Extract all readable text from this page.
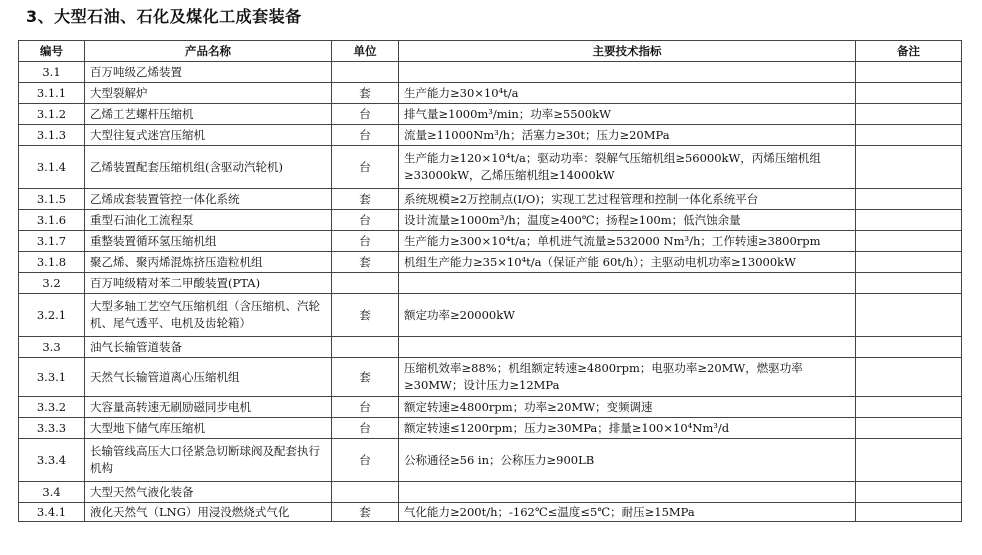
3、大型石油、石化及煤化工成套装备
编号	产品名称	单位	主要技术指标	备注
3.1	百万吨级乙烯装置			
3.1.1	大型裂解炉	套	生产能力≥30×10⁴t/a	
3.1.2	乙烯工艺螺杆压缩机	台	排气量≥1000m³/min；功率≥5500kW	
3.1.3	大型往复式迷宫压缩机	台	流量≥11000Nm³/h；活塞力≥30t；压力≥20MPa	
3.1.4	乙烯装置配套压缩机组(含驱动汽轮机)	台	生产能力≥120×10⁴t/a；驱动功率：裂解气压缩机组≥56000kW，丙烯压缩机组≥33000kW，乙烯压缩机组≥14000kW	
3.1.5	乙烯成套装置管控一体化系统	套	系统规模≥2万控制点(I/O)；实现工艺过程管理和控制一体化系统平台	
3.1.6	重型石油化工流程泵	台	设计流量≥1000m³/h；温度≥400℃；扬程≥100m；低汽蚀余量	
3.1.7	重整装置循环氢压缩机组	台	生产能力≥300×10⁴t/a；单机进气流量≥532000 Nm³/h；工作转速≥3800rpm	
3.1.8	聚乙烯、聚丙烯混炼挤压造粒机组	套	机组生产能力≥35×10⁴t/a（保证产能 60t/h）；主驱动电机功率≥13000kW	
3.2	百万吨级精对苯二甲酸装置(PTA)			
3.2.1	大型多轴工艺空气压缩机组（含压缩机、汽轮机、尾气透平、电机及齿轮箱）	套	额定功率≥20000kW	
3.3	油气长输管道装备			
3.3.1	天然气长输管道离心压缩机组	套	压缩机效率≥88%；机组额定转速≥4800rpm；电驱功率≥20MW，燃驱功率≥30MW；设计压力≥12MPa	
3.3.2	大容量高转速无刷励磁同步电机	台	额定转速≥4800rpm；功率≥20MW；变频调速	
3.3.3	大型地下储气库压缩机	台	额定转速≤1200rpm；压力≥30MPa；排量≥100×10⁴Nm³/d	
3.3.4	长输管线高压大口径紧急切断球阀及配套执行机构	台	公称通径≥56 in；公称压力≥900LB	
3.4	大型天然气液化装备			
3.4.1	液化天然气（LNG）用浸没燃烧式气化	套	气化能力≥200t/h；-162℃≤温度≤5℃；耐压≥15MPa	
